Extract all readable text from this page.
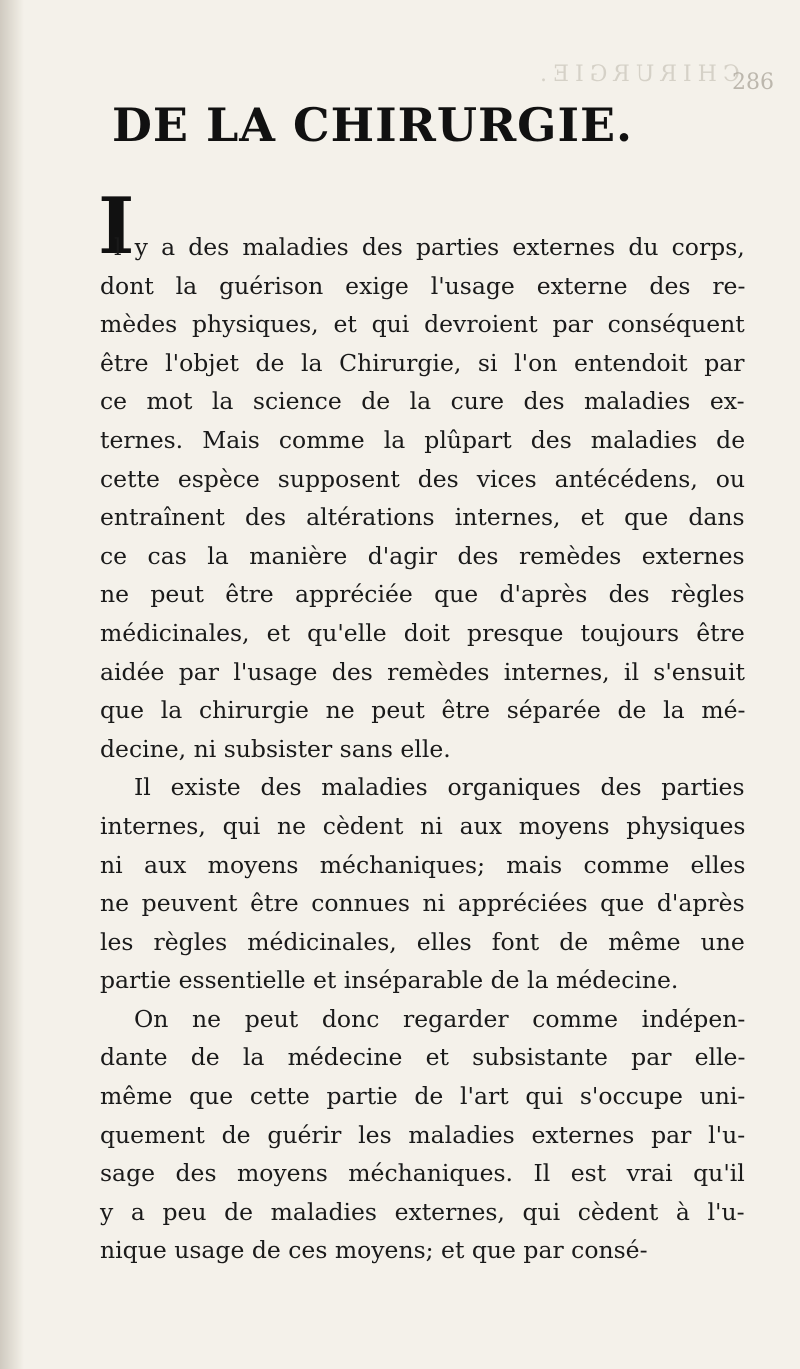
CHIRURGIE.
286
DE LA CHIRURGIE.
I
l y a des maladies des parties externes du corps,
dont la guérison exige l'usage externe des re-
mèdes physiques, et qui devroient par conséquent
être l'objet de la Chirurgie, si l'on entendoit par
ce mot la science de la cure des maladies ex-
ternes. Mais comme la plûpart des maladies de
cette espèce supposent des vices antécédens, ou
entraînent des altérations internes, et que dans
ce cas la manière d'agir des remèdes externes
ne peut être appréciée que d'après des règles
médicinales, et qu'elle doit presque toujours être
aidée par l'usage des remèdes internes, il s'ensuit
que la chirurgie ne peut être séparée de la mé-
decine, ni subsister sans elle.
Il existe des maladies organiques des parties
internes, qui ne cèdent ni aux moyens physiques
ni aux moyens méchaniques; mais comme elles
ne peuvent être connues ni appréciées que d'après
les règles médicinales, elles font de même une
partie essentielle et inséparable de la médecine.
On ne peut donc regarder comme indépen-
dante de la médecine et subsistante par elle-
même que cette partie de l'art qui s'occupe uni-
quement de guérir les maladies externes par l'u-
sage des moyens méchaniques. Il est vrai qu'il
y a peu de maladies externes, qui cèdent à l'u-
nique usage de ces moyens; et que par consé-
